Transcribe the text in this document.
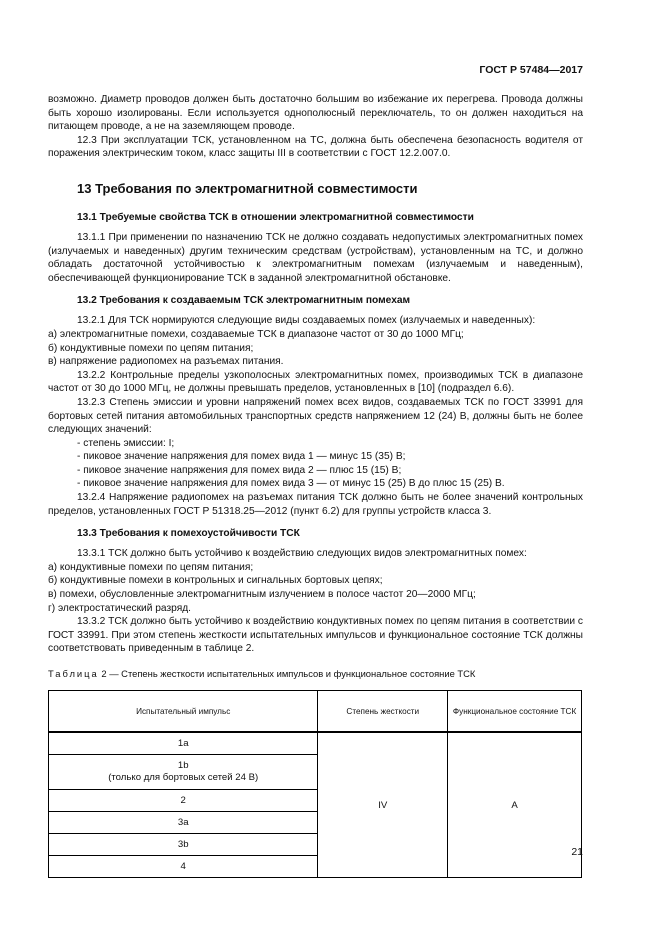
ГОСТ Р 57484—2017

возможно. Диаметр проводов должен быть достаточно большим во избежание их перегрева. Провода должны быть хорошо изолированы. Если используется однополюсный переключатель, то он должен находиться на питающем проводе, а не на заземляющем проводе.

12.3 При эксплуатации ТСК, установленном на ТС, должна быть обеспечена безопасность водителя от поражения электрическим током, класс защиты III в соответствии с ГОСТ 12.2.007.0.

13 Требования по электромагнитной совместимости
13.1 Требуемые свойства ТСК в отношении электромагнитной совместимости

13.1.1 При применении по назначению ТСК не должно создавать недопустимых электромагнитных помех (излучаемых и наведенных) другим техническим средствам (устройствам), установленным на ТС, и должно обладать достаточной устойчивостью к электромагнитным помехам (излучаемым и наведенным), обеспечивающей функционирование ТСК в заданной электромагнитной обстановке.

13.2 Требования к создаваемым ТСК электромагнитным помехам

13.2.1 Для ТСК нормируются следующие виды создаваемых помех (излучаемых и наведенных):

а) электромагнитные помехи, создаваемые ТСК в диапазоне частот от 30 до 1000 МГц;
б) кондуктивные помехи по цепям питания;
в) напряжение радиопомех на разъемах питания.

13.2.2 Контрольные пределы узкополосных электромагнитных помех, производимых ТСК в диапазоне частот от 30 до 1000 МГц, не должны превышать пределов, установленных в [10] (подраздел 6.6).

13.2.3 Степень эмиссии и уровни напряжений помех всех видов, создаваемых ТСК по ГОСТ 33991 для бортовых сетей питания автомобильных транспортных средств напряжением 12 (24) В, должны быть не более следующих значений:

- степень эмиссии: I;
- пиковое значение напряжения для помех вида 1 — минус 15 (35) В;
- пиковое значение напряжения для помех вида 2 — плюс 15 (15) В;
- пиковое значение напряжения для помех вида 3 — от минус 15 (25) В до плюс 15 (25) В.

13.2.4 Напряжение радиопомех на разъемах питания ТСК должно быть не более значений контрольных пределов, установленных ГОСТ Р 51318.25—2012 (пункт 6.2) для группы устройств класса 3.

13.3 Требования к помехоустойчивости ТСК

13.3.1 ТСК должно быть устойчиво к воздействию следующих видов электромагнитных помех:

а) кондуктивные помехи по цепям питания;
б) кондуктивные помехи в контрольных и сигнальных бортовых цепях;
в) помехи, обусловленные электромагнитным излучением в полосе частот 20—2000 МГц;
г) электростатический разряд.

13.3.2 ТСК должно быть устойчиво к воздействию кондуктивных помех по цепям питания в соответствии с ГОСТ 33991. При этом степень жесткости испытательных импульсов и функциональное состояние ТСК должны соответствовать приведенным в таблице 2.

Таблица 2 — Степень жесткости испытательных импульсов и функциональное состояние ТСК
Испытательный импульс	Степень жесткости	Функциональное состояние ТСК
1a	IV	А
1b
(только для бортовых сетей 24 В)		
2		
3a		
3b		
4		
21
